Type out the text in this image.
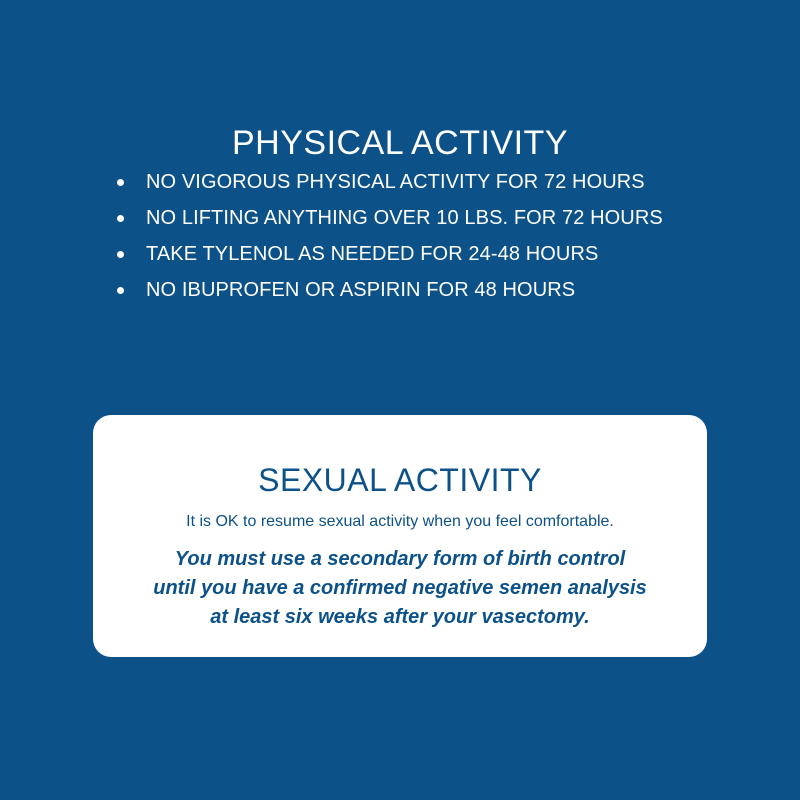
PHYSICAL ACTIVITY
NO VIGOROUS PHYSICAL ACTIVITY FOR 72 HOURS
NO LIFTING ANYTHING OVER 10 LBS. FOR 72 HOURS
TAKE TYLENOL AS NEEDED FOR 24-48 HOURS
NO IBUPROFEN OR ASPIRIN FOR 48 HOURS
SEXUAL ACTIVITY
It is OK to resume sexual activity when you feel comfortable.

You must use a secondary form of birth control
until you have a confirmed negative semen analysis
at least six weeks after your vasectomy.
